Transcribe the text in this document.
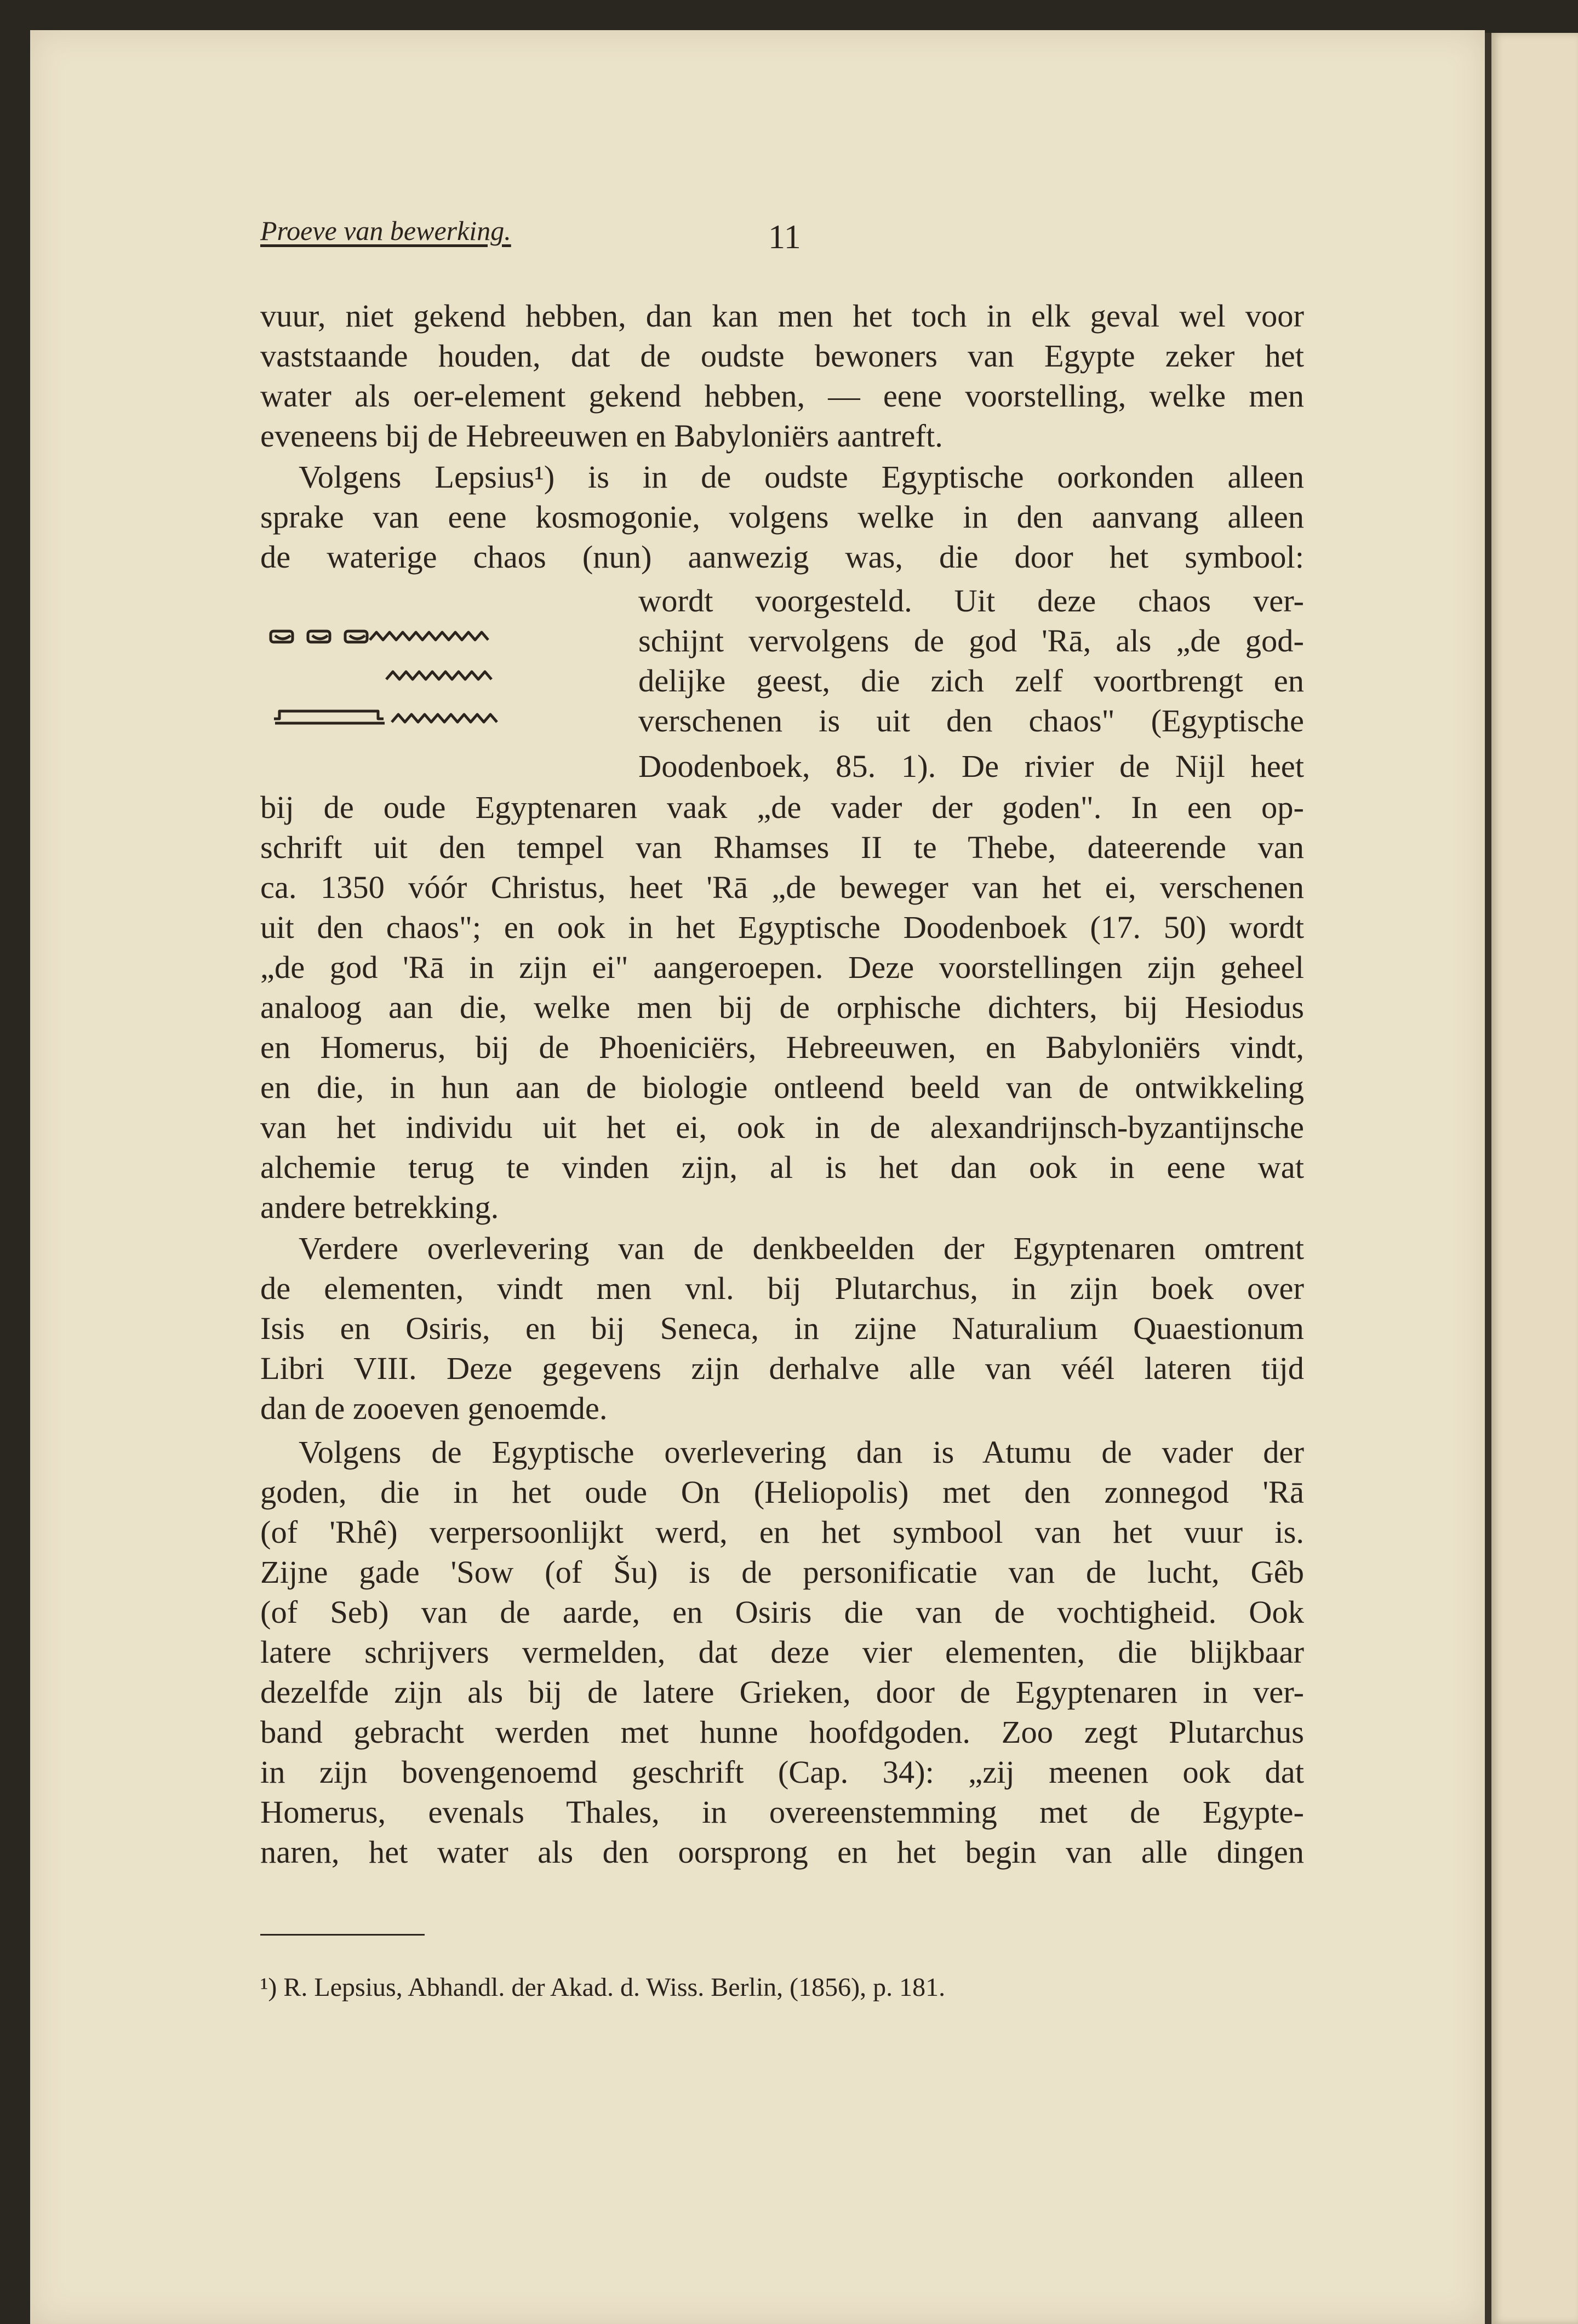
Proeve van bewerking.	11
vuur, niet gekend hebben, dan kan men het toch in elk geval wel voor
vaststaande houden, dat de oudste bewoners van Egypte zeker het
water als oer-element gekend hebben, — eene voorstelling, welke men
eveneens bij de Hebreeuwen en Babyloniërs aantreft.
Volgens Lepsius¹) is in de oudste Egyptische oorkonden alleen
sprake van eene kosmogonie, volgens welke in den aanvang alleen
de waterige chaos (nun) aanwezig was, die door het symbool:
wordt voorgesteld. Uit deze chaos ver-
schijnt vervolgens de god 'Rā, als „de god-
delijke geest, die zich zelf voortbrengt en
verschenen is uit den chaos" (Egyptische
Doodenboek, 85. 1). De rivier de Nijl heet
bij de oude Egyptenaren vaak „de vader der goden". In een op-
schrift uit den tempel van Rhamses II te Thebe, dateerende van
ca. 1350 vóór Christus, heet 'Rā „de beweger van het ei, verschenen
uit den chaos"; en ook in het Egyptische Doodenboek (17. 50) wordt
„de god 'Rā in zijn ei" aangeroepen. Deze voorstellingen zijn geheel
analoog aan die, welke men bij de orphische dichters, bij Hesiodus
en Homerus, bij de Phoeniciërs, Hebreeuwen, en Babyloniërs vindt,
en die, in hun aan de biologie ontleend beeld van de ontwikkeling
van het individu uit het ei, ook in de alexandrijnsch-byzantijnsche
alchemie terug te vinden zijn, al is het dan ook in eene wat
andere betrekking.
Verdere overlevering van de denkbeelden der Egyptenaren omtrent
de elementen, vindt men vnl. bij Plutarchus, in zijn boek over
Isis en Osiris, en bij Seneca, in zijne Naturalium Quaestionum
Libri VIII. Deze gegevens zijn derhalve alle van véél lateren tijd
dan de zooeven genoemde.
Volgens de Egyptische overlevering dan is Atumu de vader der
goden, die in het oude On (Heliopolis) met den zonnegod 'Rā
(of 'Rhê) verpersoonlijkt werd, en het symbool van het vuur is.
Zijne gade 'Sow (of Šu) is de personificatie van de lucht, Gêb
(of Seb) van de aarde, en Osiris die van de vochtigheid. Ook
latere schrijvers vermelden, dat deze vier elementen, die blijkbaar
dezelfde zijn als bij de latere Grieken, door de Egyptenaren in ver-
band gebracht werden met hunne hoofdgoden. Zoo zegt Plutarchus
in zijn bovengenoemd geschrift (Cap. 34): „zij meenen ook dat
Homerus, evenals Thales, in overeenstemming met de Egypte-
naren, het water als den oorsprong en het begin van alle dingen
¹) R. Lepsius, Abhandl. der Akad. d. Wiss. Berlin, (1856), p. 181.
